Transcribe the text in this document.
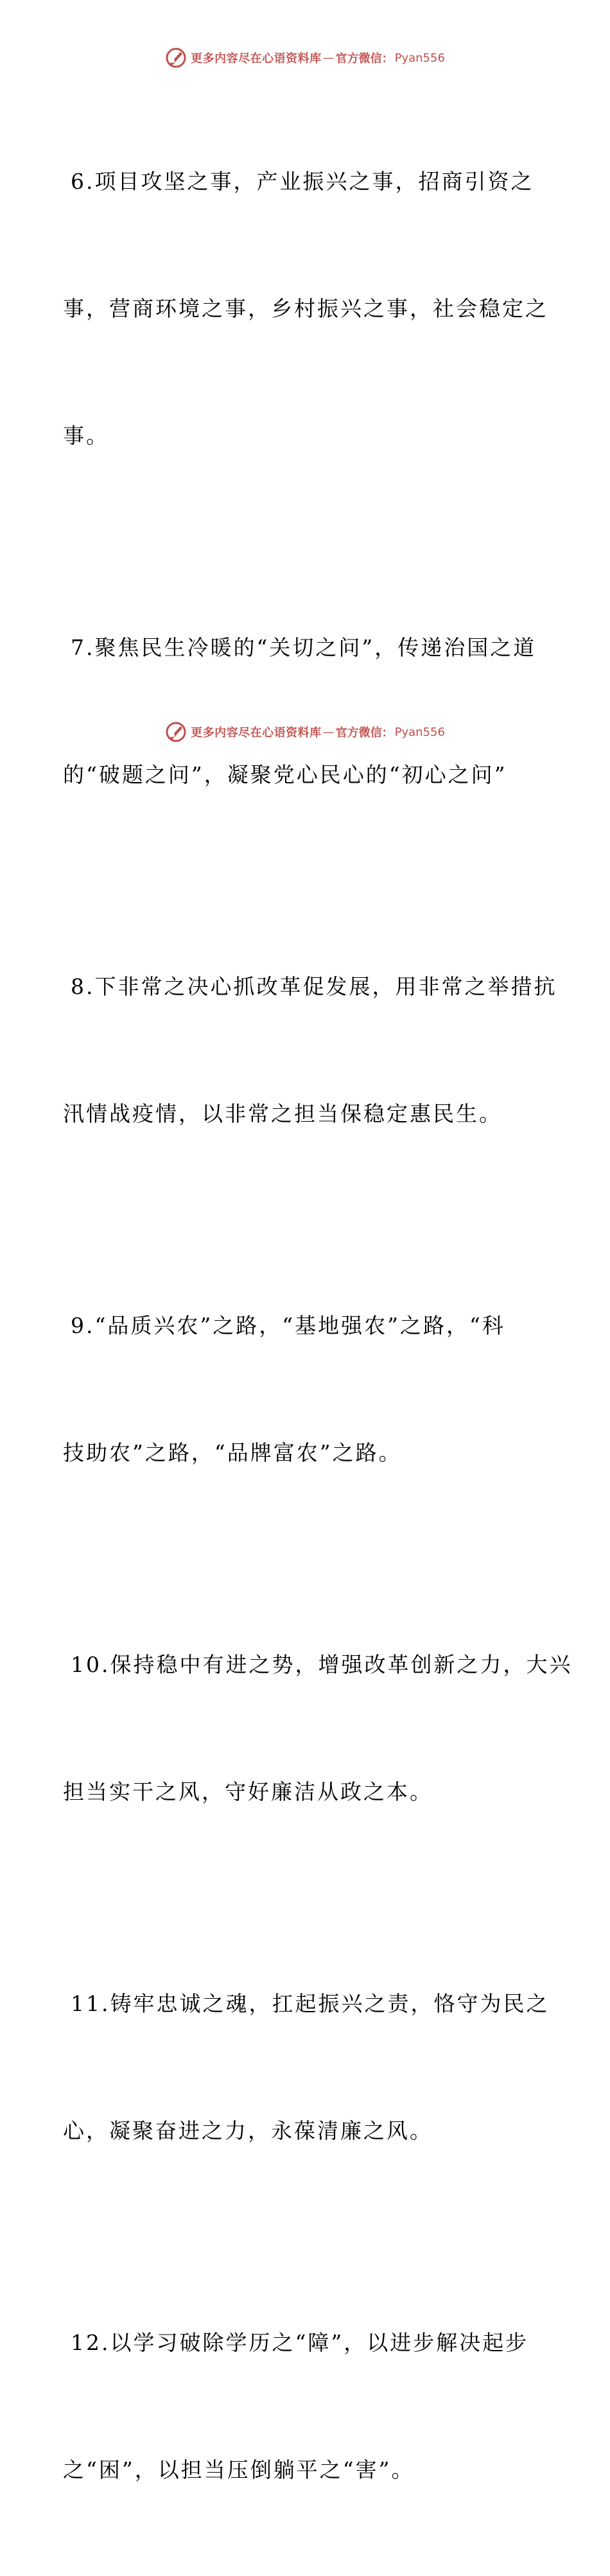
更多内容尽在心语资料库 — 官方微信： Pyan556

6.项目攻坚之事，产业振兴之事，招商引资之

事，营商环境之事，乡村振兴之事，社会稳定之

事。

7.聚焦民生冷暖的“关切之问”，传递治国之道

的“破题之问”，凝聚党心民心的“初心之问”

8.下非常之决心抓改革促发展，用非常之举措抗

汛情战疫情，以非常之担当保稳定惠民生。

9.“品质兴农”之路，“基地强农”之路，“科

技助农”之路，“品牌富农”之路。

10.保持稳中有进之势，增强改革创新之力，大兴

担当实干之风，守好廉洁从政之本。

11.铸牢忠诚之魂，扛起振兴之责，恪守为民之

心，凝聚奋进之力，永葆清廉之风。

12.以学习破除学历之“障”，以进步解决起步

之“困”，以担当压倒躺平之“害”。

更多内容尽在心语资料库 — 官方微信： Pyan556
